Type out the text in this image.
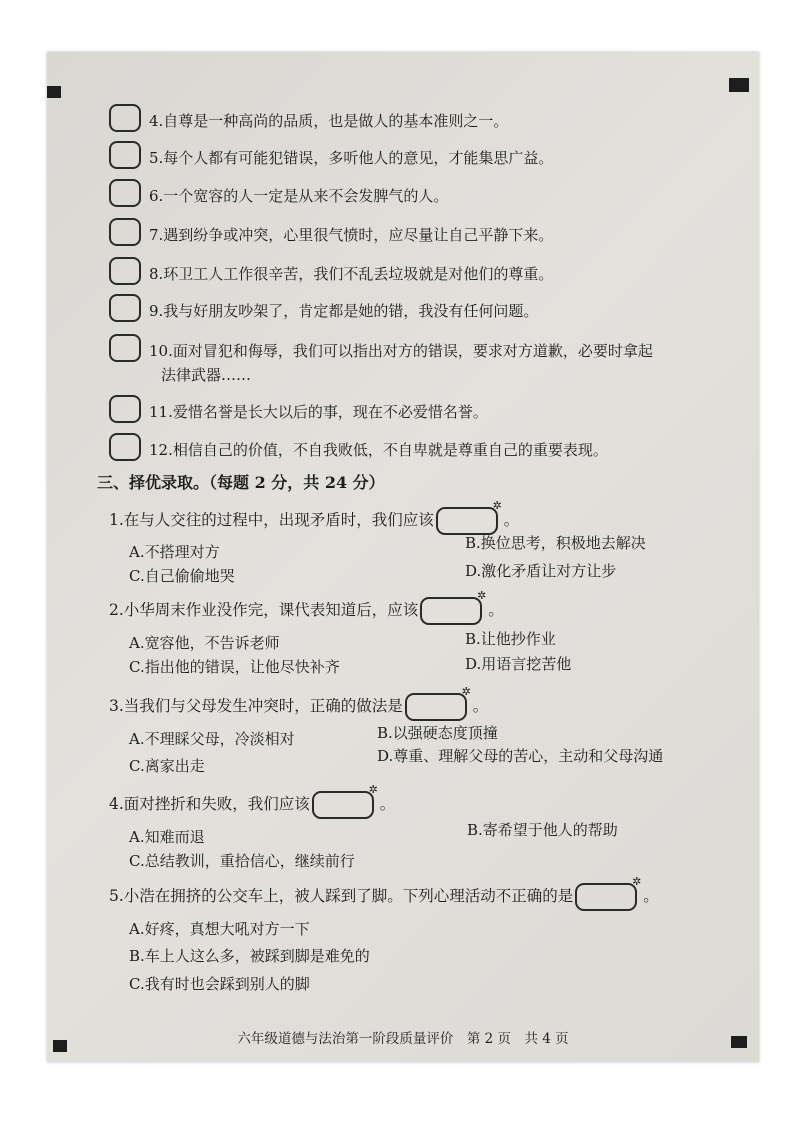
4.自尊是一种高尚的品质，也是做人的基本准则之一。
5.每个人都有可能犯错误，多听他人的意见，才能集思广益。
6.一个宽容的人一定是从来不会发脾气的人。
7.遇到纷争或冲突，心里很气愤时，应尽量让自己平静下来。
8.环卫工人工作很辛苦，我们不乱丢垃圾就是对他们的尊重。
9.我与好朋友吵架了，肯定都是她的错，我没有任何问题。
10.面对冒犯和侮辱，我们可以指出对方的错误，要求对方道歉，必要时拿起
法律武器……
11.爱惜名誉是长大以后的事，现在不必爱惜名誉。
12.相信自己的价值，不自我败低，不自卑就是尊重自己的重要表现。
三、择优录取。（每题 2 分，共 24 分）
1.在与人交往的过程中，出现矛盾时，我们应该
✲
。
A.不搭理对方	B.换位思考，积极地去解决
C.自己偷偷地哭	D.激化矛盾让对方让步
2.小华周末作业没作完，课代表知道后，应该
✲
。
A.宽容他，不告诉老师	B.让他抄作业
C.指出他的错误，让他尽快补齐	D.用语言挖苦他
3.当我们与父母发生冲突时，正确的做法是
✲
。
A.不理睬父母，冷淡相对	B.以强硬态度顶撞
C.离家出走
D.尊重、理解父母的苦心，主动和父母沟通
4.面对挫折和失败，我们应该
✲
。
A.知难而退	B.寄希望于他人的帮助
C.总结教训，重拾信心，继续前行
5.小浩在拥挤的公交车上，被人踩到了脚。下列心理活动不正确的是
✲
。
A.好疼，真想大吼对方一下
B.车上人这么多，被踩到脚是难免的
C.我有时也会踩到别人的脚
六年级道德与法治第一阶段质量评价　第 2 页　共 4 页
